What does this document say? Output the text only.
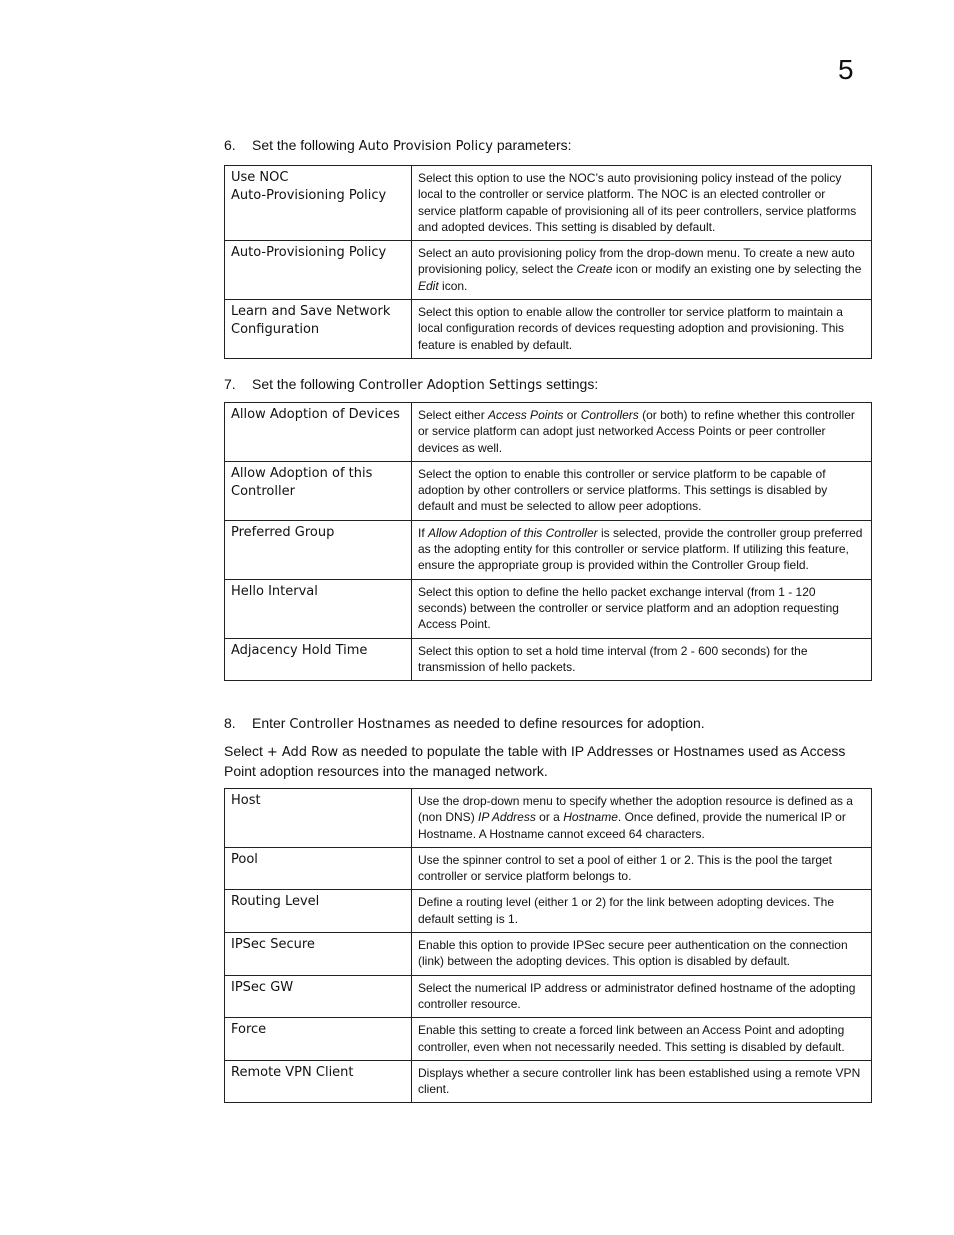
5
6. Set the following Auto Provision Policy parameters:
Use NOC
Auto-Provisioning Policy	Select this option to use the NOC’s auto provisioning policy instead of the policy local to the controller or service platform. The NOC is an elected controller or service platform capable of provisioning all of its peer controllers, service platforms and adopted devices. This setting is disabled by default.
Auto-Provisioning Policy	Select an auto provisioning policy from the drop-down menu. To create a new auto provisioning policy, select the Create icon or modify an existing one by selecting the Edit icon.
Learn and Save Network Configuration	Select this option to enable allow the controller tor service platform to maintain a local configuration records of devices requesting adoption and provisioning. This feature is enabled by default.
7. Set the following Controller Adoption Settings settings:
Allow Adoption of Devices	Select either Access Points or Controllers (or both) to refine whether this controller or service platform can adopt just networked Access Points or peer controller devices as well.
Allow Adoption of this Controller	Select the option to enable this controller or service platform to be capable of adoption by other controllers or service platforms. This settings is disabled by default and must be selected to allow peer adoptions.
Preferred Group	If Allow Adoption of this Controller is selected, provide the controller group preferred as the adopting entity for this controller or service platform. If utilizing this feature, ensure the appropriate group is provided within the Controller Group field.
Hello Interval	Select this option to define the hello packet exchange interval (from 1 - 120 seconds) between the controller or service platform and an adoption requesting Access Point.
Adjacency Hold Time	Select this option to set a hold time interval (from 2 - 600 seconds) for the transmission of hello packets.
8. Enter Controller Hostnames as needed to define resources for adoption.
Select + Add Row as needed to populate the table with IP Addresses or Hostnames used as Access Point adoption resources into the managed network.
Host	Use the drop-down menu to specify whether the adoption resource is defined as a (non DNS) IP Address or a Hostname. Once defined, provide the numerical IP or Hostname. A Hostname cannot exceed 64 characters.
Pool	Use the spinner control to set a pool of either 1 or 2. This is the pool the target controller or service platform belongs to.
Routing Level	Define a routing level (either 1 or 2) for the link between adopting devices. The default setting is 1.
IPSec Secure	Enable this option to provide IPSec secure peer authentication on the connection (link) between the adopting devices. This option is disabled by default.
IPSec GW	Select the numerical IP address or administrator defined hostname of the adopting controller resource.
Force	Enable this setting to create a forced link between an Access Point and adopting controller, even when not necessarily needed. This setting is disabled by default.
Remote VPN Client	Displays whether a secure controller link has been established using a remote VPN client.
